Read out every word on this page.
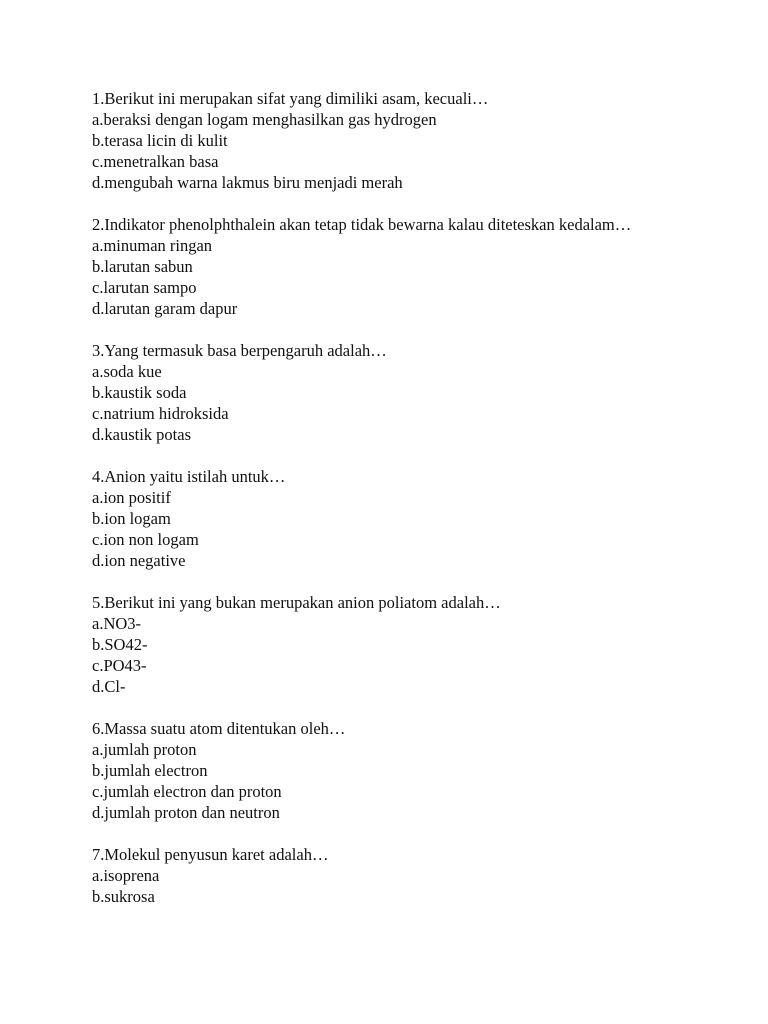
1.Berikut ini merupakan sifat yang dimiliki asam, kecuali…
a.beraksi dengan logam menghasilkan gas hydrogen
b.terasa licin di kulit
c.menetralkan basa
d.mengubah warna lakmus biru menjadi merah
2.Indikator phenolphthalein akan tetap tidak bewarna kalau diteteskan kedalam…
a.minuman ringan
b.larutan sabun
c.larutan sampo
d.larutan garam dapur
3.Yang termasuk basa berpengaruh adalah…
a.soda kue
b.kaustik soda
c.natrium hidroksida
d.kaustik potas
4.Anion yaitu istilah untuk…
a.ion positif
b.ion logam
c.ion non logam
d.ion negative
5.Berikut ini yang bukan merupakan anion poliatom adalah…
a.NO3-
b.SO42-
c.PO43-
d.Cl-
6.Massa suatu atom ditentukan oleh…
a.jumlah proton
b.jumlah electron
c.jumlah electron dan proton
d.jumlah proton dan neutron
7.Molekul penyusun karet adalah…
a.isoprena
b.sukrosa
